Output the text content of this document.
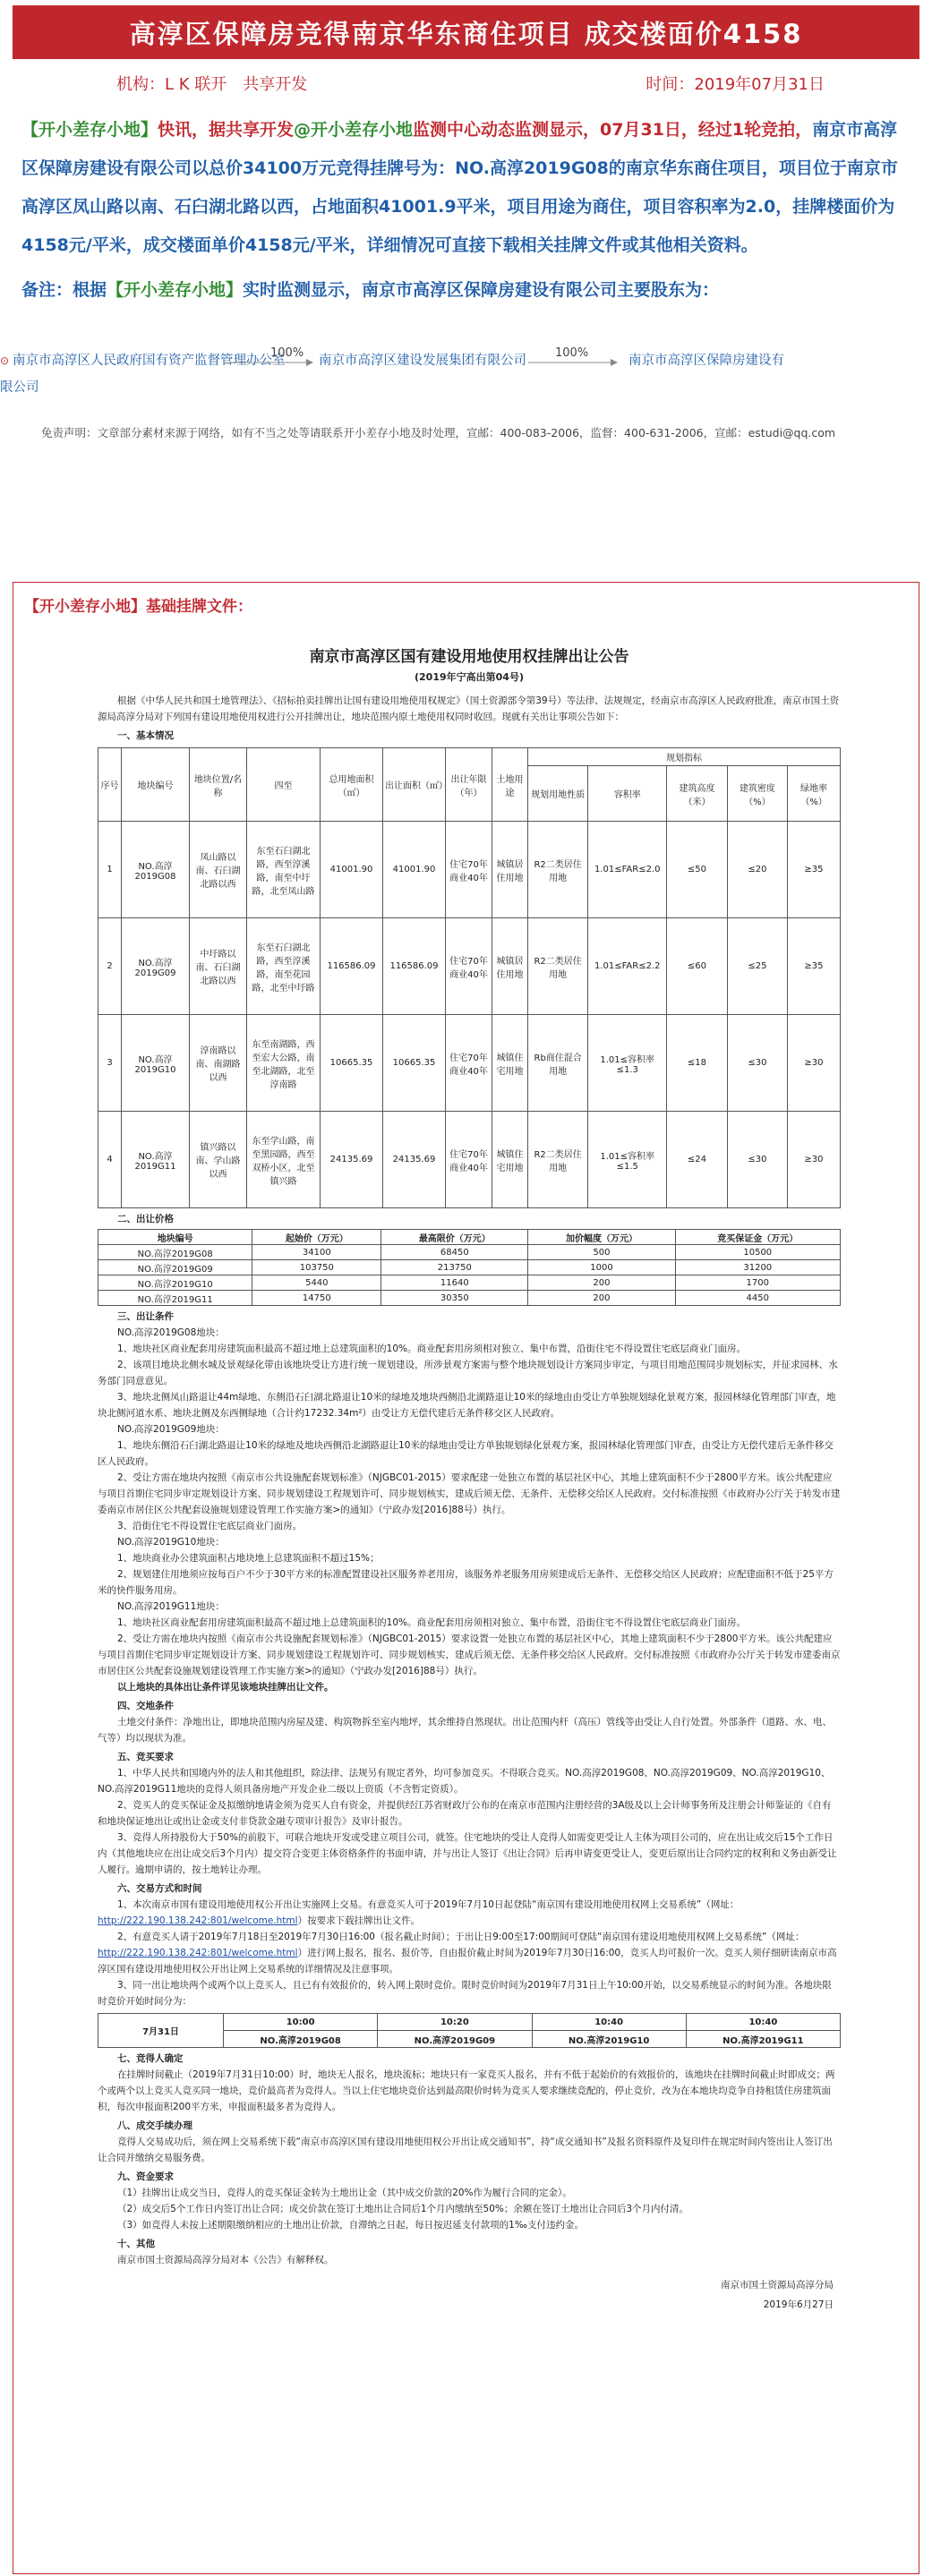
高淳区保障房竞得南京华东商住项目 成交楼面价4158
机构：L K 联开　共享开发	时间：2019年07月31日
【开小差存小地】快讯，据共享开发@开小差存小地监测中心动态监测显示，07月31日，经过1轮竞拍，南京市高淳区保障房建设有限公司以总价34100万元竞得挂牌号为：NO.高淳2019G08的南京华东商住项目，项目位于南京市高淳区凤山路以南、石臼湖北路以西，占地面积41001.9平米，项目用途为商住，项目容积率为2.0，挂牌楼面价为4158元/平米，成交楼面单价4158元/平米，详细情况可直接下载相关挂牌文件或其他相关资料。
备注：根据【开小差存小地】实时监测显示，南京市高淳区保障房建设有限公司主要股东为：
⊙ 南京市高淳区人民政府国有资产监督管理办公室
100%
南京市高淳区建设发展集团有限公司
100%
南京市高淳区保障房建设有
限公司
免责声明：文章部分素材来源于网络，如有不当之处等请联系开小差存小地及时处理，宣邮：400-083-2006，监督：400-631-2006，宣邮：estudi@qq.com
【开小差存小地】基础挂牌文件：
南京市高淳区国有建设用地使用权挂牌出让公告
(2019年宁高出第04号)

根据《中华人民共和国土地管理法》、《招标拍卖挂牌出让国有建设用地使用权规定》（国土资源部令第39号）等法律、法规规定，经南京市高淳区人民政府批准，南京市国土资源局高淳分局对下列国有建设用地使用权进行公开挂牌出让，地块范围内原土地使用权同时收回。现就有关出让事项公告如下：

一、基本情况
序号	地块编号	地块位置/名称	四至	总用地面积（㎡）	出让面积（㎡）	出让年限（年）	土地用途	规划指标				
								规划用地性质	容积率	建筑高度（米）	建筑密度（%）	绿地率（%）
1	NO.高淳2019G08	凤山路以南、石臼湖北路以西	东至石臼湖北路，西至淳溪路，南至中圩路，北至凤山路	41001.90	41001.90	住宅70年商业40年	城镇居住用地	R2二类居住用地	1.01≤FAR≤2.0	≤50	≤20	≥35
2	NO.高淳2019G09	中圩路以南、石臼湖北路以西	东至石臼湖北路，西至淳溪路，南至花园路，北至中圩路	116586.09	116586.09	住宅70年商业40年	城镇居住用地	R2二类居住用地	1.01≤FAR≤2.2	≤60	≤25	≥35
3	NO.高淳2019G10	淳南路以南、南湖路以西	东至南湖路，西至宏大公路，南至北湖路，北至淳南路	10665.35	10665.35	住宅70年商业40年	城镇住宅用地	Rb商住混合用地	1.01≤容积率≤1.3	≤18	≤30	≥30
4	NO.高淳2019G11	镇兴路以南、学山路以西	东至学山路，南至黑园路，西至双桥小区，北至镇兴路	24135.69	24135.69	住宅70年商业40年	城镇住宅用地	R2二类居住用地	1.01≤容积率≤1.5	≤24	≤30	≥30
二、出让价格
地块编号	起始价（万元）	最高限价（万元）	加价幅度（万元）	竞买保证金（万元）
NO.高淳2019G08	34100	68450	500	10500
NO.高淳2019G09	103750	213750	1000	31200
NO.高淳2019G10	5440	11640	200	1700
NO.高淳2019G11	14750	30350	200	4450
三、出让条件

NO.高淳2019G08地块：

1、地块社区商业配套用房建筑面积最高不超过地上总建筑面积的10%。商业配套用房须相对独立、集中布置，沿街住宅不得设置住宅底层商业门面房。

2、该项目地块北侧水城及景观绿化带由该地块受让方进行统一规划建设，所涉景观方案需与整个地块规划设计方案同步审定，与项目用地范围同步规划标实，并征求园林、水务部门同意意见。

3、地块北侧凤山路退让44m绿地、东侧沿石臼湖北路退让10米的绿地及地块西侧沿北湖路退让10米的绿地由由受让方单独规划绿化景观方案，报园林绿化管理部门审查，地块北侧河道水系、地块北侧及东西侧绿地（合计约17232.34m²）由受让方无偿代建后无条件移交区人民政府。

NO.高淳2019G09地块：

1、地块东侧沿石臼湖北路退让10米的绿地及地块西侧沿北湖路退让10米的绿地由受让方单独规划绿化景观方案，报园林绿化管理部门审查，由受让方无偿代建后无条件移交区人民政府。

2、受让方需在地块内按照《南京市公共设施配套规划标准》（NJGBC01-2015）要求配建一处独立布置的基层社区中心，其地上建筑面积不少于2800平方米。该公共配建应与项目首期住宅同步审定规划设计方案、同步规划建设工程规划许可、同步规划核实，建成后须无偿、无条件、无偿移交给区人民政府。交付标准按照《市政府办公厅关于转发市建委南京市居住区公共配套设施规划建设管理工作实施方案>的通知》（宁政办发[2016]88号）执行。

3、沿街住宅不得设置住宅底层商业门面房。

NO.高淳2019G10地块：

1、地块商业办公建筑面积占地块地上总建筑面积不超过15%；

2、规划建住用地须应按每百户不少于30平方米的标准配置建设社区服务养老用房，该服务养老服务用房须建成后无条件、无偿移交给区人民政府；应配建面积不低于25平方米的快件服务用房。

NO.高淳2019G11地块：

1、地块社区商业配套用房建筑面积最高不超过地上总建筑面积的10%。商业配套用房须相对独立、集中布置，沿街住宅不得设置住宅底层商业门面房。

2、受让方需在地块内按照《南京市公共设施配套规划标准》（NJGBC01-2015）要求设置一处独立布置的基层社区中心，其地上建筑面积不少于2800平方米。该公共配建应与项目首期住宅同步审定规划设计方案、同步规划建设工程规划许可、同步规划核实，建成后须无偿、无条件移交给区人民政府。交付标准按照《市政府办公厅关于转发市建委南京市居住区公共配套设施规划建设管理工作实施方案>的通知》（宁政办发[2016]88号）执行。

以上地块的具体出让条件详见该地块挂牌出让文件。

四、交地条件

土地交付条件：净地出让，即地块范围内房屋及建、构筑物拆至室内地坪，其余维持自然现状。出让范围内杆（高压）管线等由受让人自行处置。外部条件（道路、水、电、气等）均以现状为准。

五、竞买要求

1、中华人民共和国境内外的法人和其他组织，除法律、法规另有规定者外，均可参加竞买。不得联合竞买。NO.高淳2019G08、NO.高淳2019G09、NO.高淳2019G10、NO.高淳2019G11地块的竞得人须具备房地产开发企业二级以上资质（不含暂定资质）。

2、竞买人的竞买保证金及拟缴纳地请金须为竞买人自有资金，并提供经江苏省财政厅公布的在南京市范围内注册经营的3A级及以上会计师事务所及注册会计师鉴证的《自有和地块保证地出让或出让金或支付非贷款金融专项审计报告》及审计报告。

3、竞得人所持股份大于50%的前股下，可联合地块开发或受建立项目公司，就签。住宅地块的受让人竞得人如需变更受让人主体为项目公司的，应在出让成交后15个工作日内（其他地块应在出让成交后3个月内）提交符合变更主体资格条件的书面申请，并与出让人签订《出让合同》后再申请变更受让人，变更后原出让合同约定的权利和义务由新受让人履行。逾期申请的，按土地转让办理。

六、交易方式和时间

1、本次南京市国有建设用地使用权公开出让实施网上交易。有意竞买人可于2019年7月10日起登陆“南京国有建设用地使用权网上交易系统”（网址：http://222.190.138.242:801/welcome.html）按要求下载挂牌出让文件。

2、有意竞买人请于2019年7月18日至2019年7月30日16:00（报名截止时间）；于出让日9:00至17:00期间可登陆“南京国有建设用地使用权网上交易系统”（网址：http://222.190.138.242:801/welcome.html）进行网上报名，报名、报价等，自由报价截止时间为2019年7月30日16:00，竞买人均可报价一次。竞买人须仔细研读南京市高淳区国有建设用地使用权公开出让网上交易系统的详细情况及注意事项。

3、同一出让地块两个或两个以上竞买人，且已有有效报价的，转入网上限时竞价。限时竞价时间为2019年7月31日上午10:00开始，以交易系统显示的时间为准。各地块限时竞价开始时间分为：

7月31日	10:00	10:20	10:40	10:40
	NO.高淳2019G08	NO.高淳2019G09	NO.高淳2019G10	NO.高淳2019G11
七、竞得人确定

在挂牌时间截止（2019年7月31日10:00）时，地块无人报名，地块流标；地块只有一家竞买人报名，并有不低于起始价的有效报价的，该地块在挂牌时间截止时即成交；两个或两个以上竞买人竞买同一地块，竞价最高者为竞得人。当以上住宅地块竞价达到最高限价时转为竞买人要求继续竞配的，停止竞价，改为在本地块均竞争自持租赁住房建筑面积，每次申报面积200平方米，申报面积最多者为竞得人。

八、成交手续办理

竞得人交易成功后，须在网上交易系统下载“南京市高淳区国有建设用地使用权公开出让成交通知书”，持“成交通知书”及报名资料原件及复印件在规定时间内签出让人签订出让合同并缴纳交易服务费。

九、资金要求

（1）挂牌出让成交当日，竞得人的竞买保证金转为土地出让金（其中成交价款的20%作为履行合同的定金）。

（2）成交后5个工作日内签订出让合同；成交价款在签订土地出让合同后1个月内缴纳至50%；余额在签订土地出让合同后3个月内付清。

（3）如竞得人未按上述期限缴纳相应的土地出让价款，自滞纳之日起，每日按迟延支付款项的1‰支付违约金。

十、其他

南京市国土资源局高淳分局对本《公告》有解释权。

南京市国土资源局高淳分局
2019年6月27日
